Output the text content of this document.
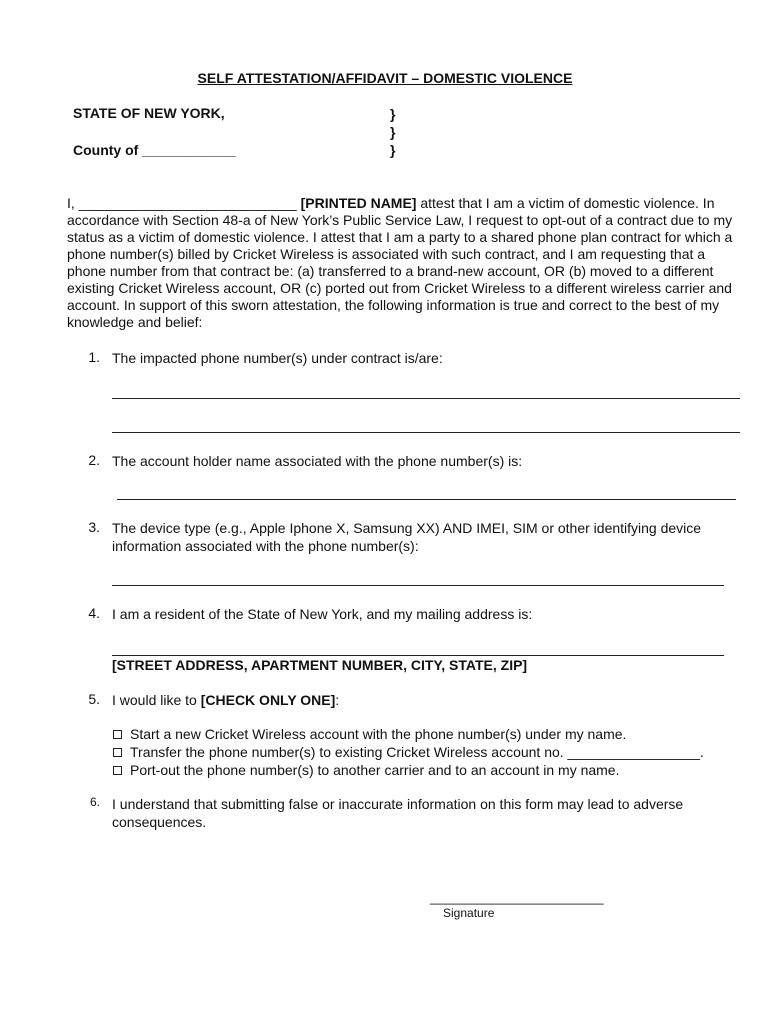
SELF ATTESTATION/AFFIDAVIT – DOMESTIC VIOLENCE
STATE OF NEW YORK,
County of ____________
}
}
}
I, ____________________________ [PRINTED NAME] attest that I am a victim of domestic violence. In accordance with Section 48-a of New York’s Public Service Law, I request to opt-out of a contract due to my status as a victim of domestic violence. I attest that I am a party to a shared phone plan contract for which a phone number(s) billed by Cricket Wireless is associated with such contract, and I am requesting that a phone number from that contract be: (a) transferred to a brand-new account, OR (b) moved to a different existing Cricket Wireless account, OR (c) ported out from Cricket Wireless to a different wireless carrier and account. In support of this sworn attestation, the following information is true and correct to the best of my knowledge and belief:
1. The impacted phone number(s) under contract is/are:
2. The account holder name associated with the phone number(s) is:
3. The device type (e.g., Apple Iphone X, Samsung XX) AND IMEI, SIM or other identifying device information associated with the phone number(s):
4. I am a resident of the State of New York, and my mailing address is:
[STREET ADDRESS, APARTMENT NUMBER, CITY, STATE, ZIP]
5. I would like to [CHECK ONLY ONE]:
Start a new Cricket Wireless account with the phone number(s) under my name.
Transfer the phone number(s) to existing Cricket Wireless account no. _________________.
Port-out the phone number(s) to another carrier and to an account in my name.
6. I understand that submitting false or inaccurate information on this form may lead to adverse consequences.
________________________
Signature
